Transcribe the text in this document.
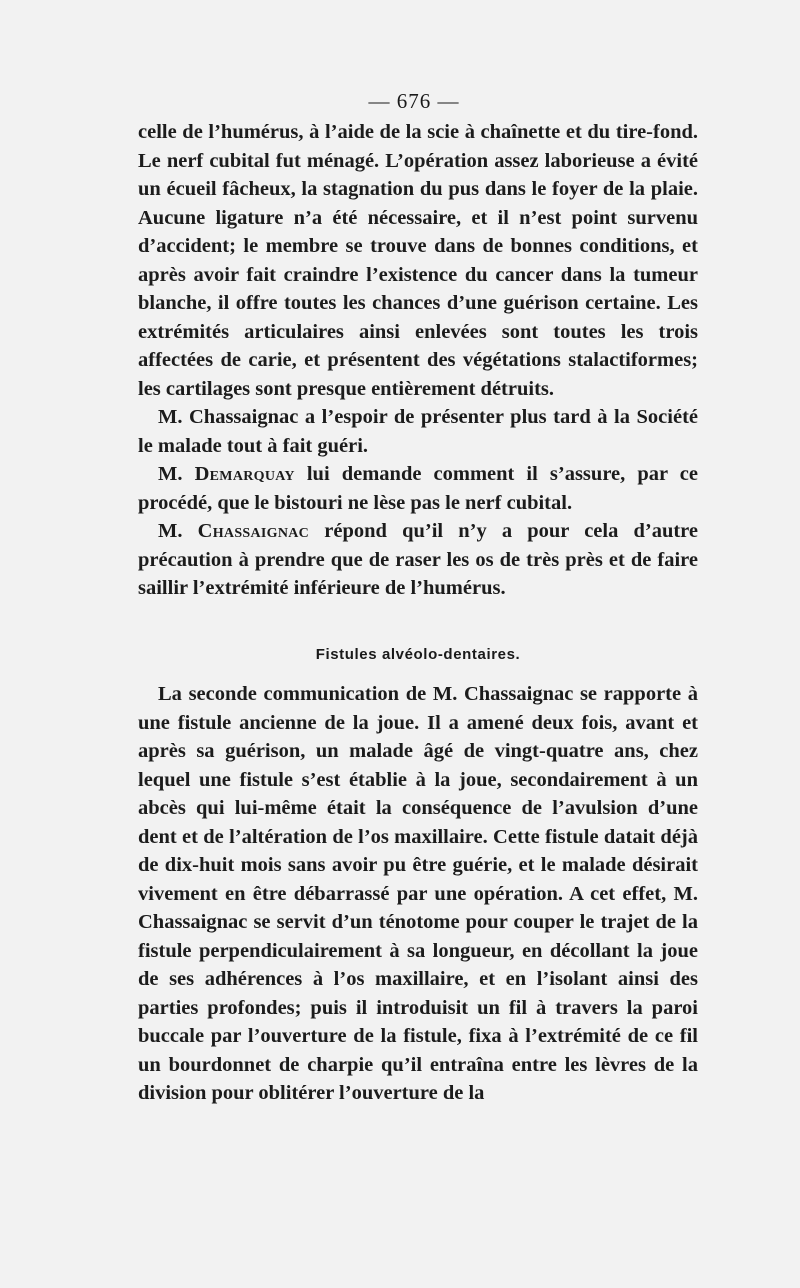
— 676 —

celle de l’humérus, à l’aide de la scie à chaînette et du tire-fond. Le nerf cubital fut ménagé. L’opération assez laborieuse a évité un écueil fâcheux, la stagnation du pus dans le foyer de la plaie. Aucune ligature n’a été nécessaire, et il n’est point survenu d’accident; le membre se trouve dans de bonnes conditions, et après avoir fait craindre l’existence du cancer dans la tumeur blanche, il offre toutes les chances d’une guérison certaine. Les extrémités articulaires ainsi enlevées sont toutes les trois affectées de carie, et présentent des végétations stalactiformes; les cartilages sont presque entièrement détruits.

M. Chassaignac a l’espoir de présenter plus tard à la Société le malade tout à fait guéri.

M. Demarquay lui demande comment il s’assure, par ce procédé, que le bistouri ne lèse pas le nerf cubital.

M. Chassaignac répond qu’il n’y a pour cela d’autre précaution à prendre que de raser les os de très près et de faire saillir l’extrémité inférieure de l’humérus.

Fistules alvéolo-dentaires.

La seconde communication de M. Chassaignac se rapporte à une fistule ancienne de la joue. Il a amené deux fois, avant et après sa guérison, un malade âgé de vingt-quatre ans, chez lequel une fistule s’est établie à la joue, secondairement à un abcès qui lui-même était la conséquence de l’avulsion d’une dent et de l’altération de l’os maxillaire. Cette fistule datait déjà de dix-huit mois sans avoir pu être guérie, et le malade désirait vivement en être débarrassé par une opération. A cet effet, M. Chassaignac se servit d’un ténotome pour couper le trajet de la fistule perpendiculairement à sa longueur, en décollant la joue de ses adhérences à l’os maxillaire, et en l’isolant ainsi des parties profondes; puis il introduisit un fil à travers la paroi buccale par l’ouverture de la fistule, fixa à l’extrémité de ce fil un bourdonnet de charpie qu’il entraîna entre les lèvres de la division pour oblitérer l’ouverture de la
